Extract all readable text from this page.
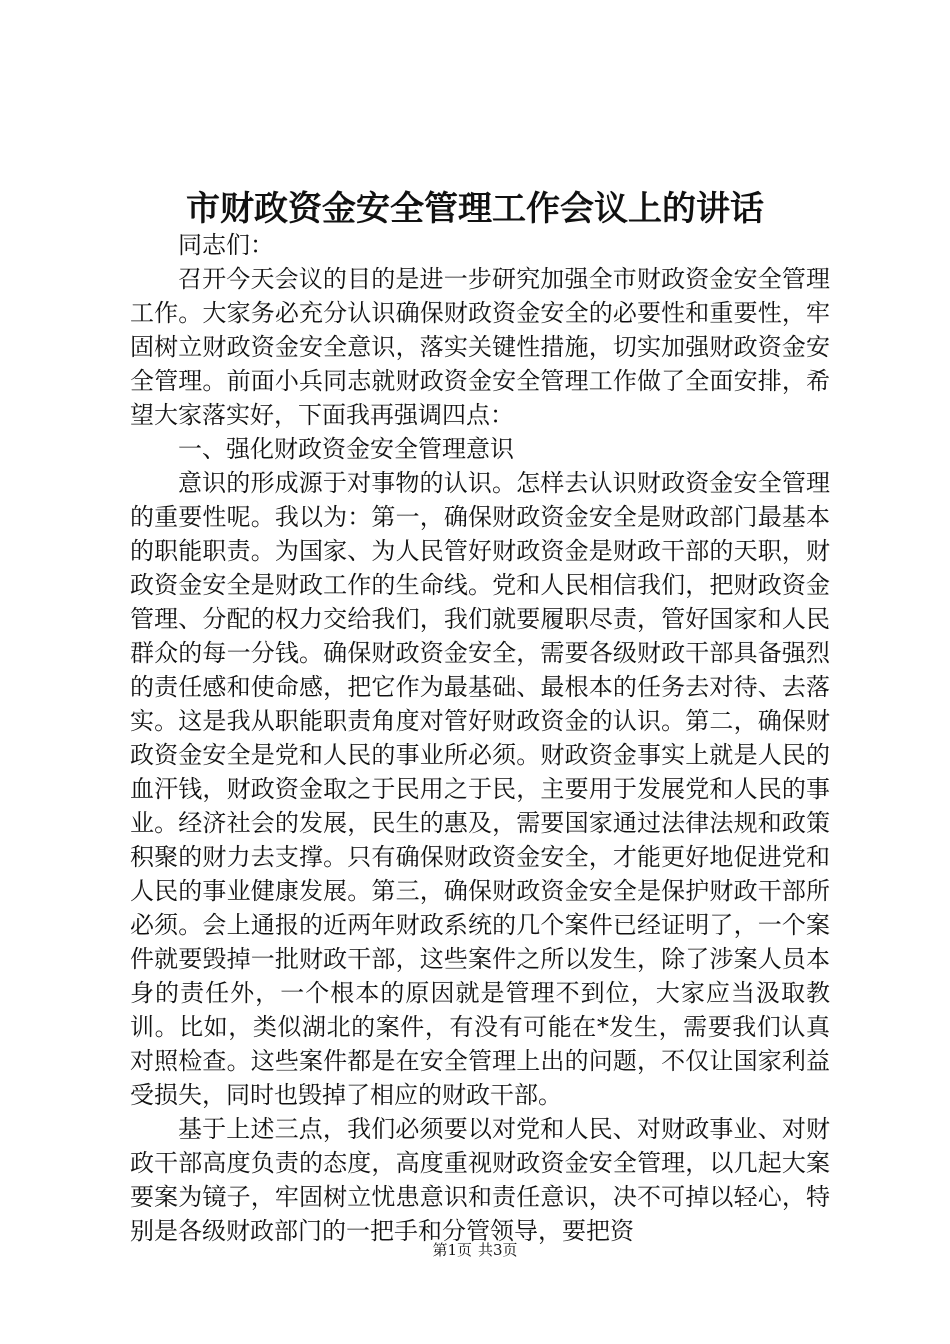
市财政资金安全管理工作会议上的讲话

同志们：

召开今天会议的目的是进一步研究加强全市财政资金安全管理工作。大家务必充分认识确保财政资金安全的必要性和重要性，牢固树立财政资金安全意识，落实关键性措施，切实加强财政资金安全管理。前面小兵同志就财政资金安全管理工作做了全面安排，希望大家落实好，下面我再强调四点：

一、强化财政资金安全管理意识

意识的形成源于对事物的认识。怎样去认识财政资金安全管理的重要性呢。我以为：第一，确保财政资金安全是财政部门最基本的职能职责。为国家、为人民管好财政资金是财政干部的天职，财政资金安全是财政工作的生命线。党和人民相信我们，把财政资金管理、分配的权力交给我们，我们就要履职尽责，管好国家和人民群众的每一分钱。确保财政资金安全，需要各级财政干部具备强烈的责任感和使命感，把它作为最基础、最根本的任务去对待、去落实。这是我从职能职责角度对管好财政资金的认识。第二，确保财政资金安全是党和人民的事业所必须。财政资金事实上就是人民的血汗钱，财政资金取之于民用之于民，主要用于发展党和人民的事业。经济社会的发展，民生的惠及，需要国家通过法律法规和政策积聚的财力去支撑。只有确保财政资金安全，才能更好地促进党和人民的事业健康发展。第三，确保财政资金安全是保护财政干部所必须。会上通报的近两年财政系统的几个案件已经证明了，一个案件就要毁掉一批财政干部，这些案件之所以发生，除了涉案人员本身的责任外，一个根本的原因就是管理不到位，大家应当汲取教训。比如，类似湖北的案件，有没有可能在*发生，需要我们认真对照检查。这些案件都是在安全管理上出的问题，不仅让国家利益受损失，同时也毁掉了相应的财政干部。

基于上述三点，我们必须要以对党和人民、对财政事业、对财政干部高度负责的态度，高度重视财政资金安全管理，以几起大案要案为镜子，牢固树立忧患意识和责任意识，决不可掉以轻心，特别是各级财政部门的一把手和分管领导，要把资

第1页 共3页
